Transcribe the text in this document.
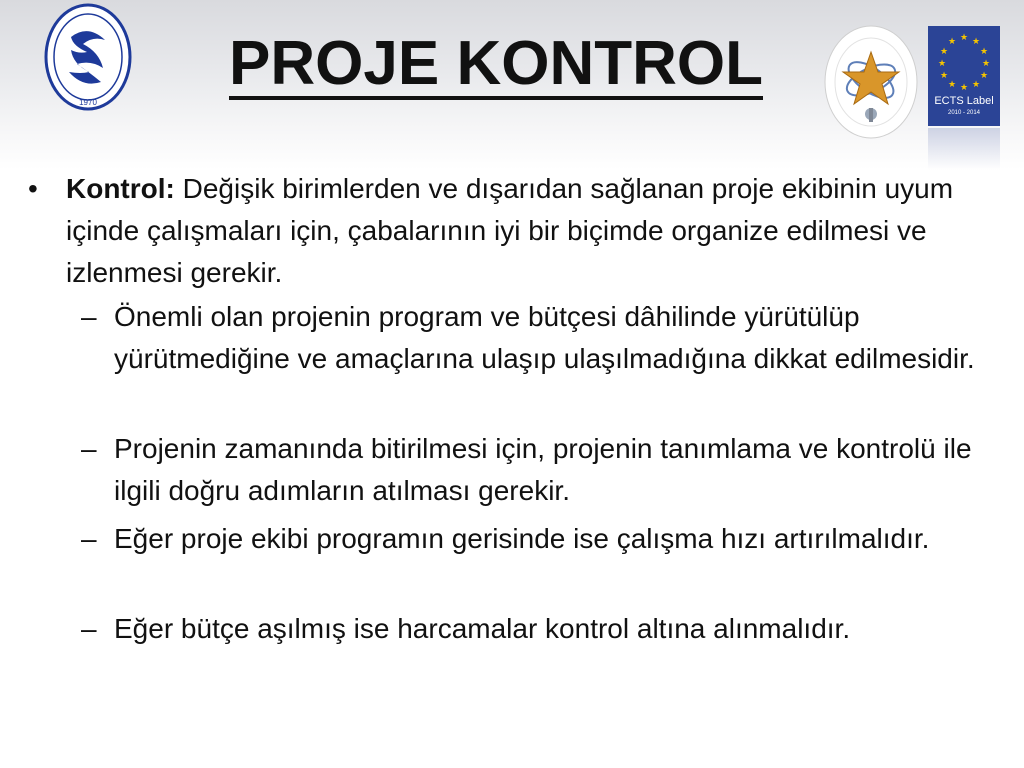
1970
PROJE KONTROL	★ ★
★
★
★
★
★
★
★
★
★
★
ECTS Label
2010 - 2014
• Kontrol: Değişik birimlerden ve dışarıdan sağlanan proje ekibinin uyum içinde çalışmaları için, çabalarının iyi bir biçimde organize edilmesi ve izlenmesi gerekir.
– Önemli olan projenin program ve bütçesi dâhilinde yürütülüp yürütmediğine ve amaçlarına ulaşıp ulaşılmadığına dikkat edilmesidir.
– Projenin zamanında bitirilmesi için, projenin tanımlama ve kontrolü ile ilgili doğru adımların atılması gerekir.
– Eğer proje ekibi programın gerisinde ise çalışma hızı artırılmalıdır.
– Eğer bütçe aşılmış ise harcamalar kontrol altına alınmalıdır.
